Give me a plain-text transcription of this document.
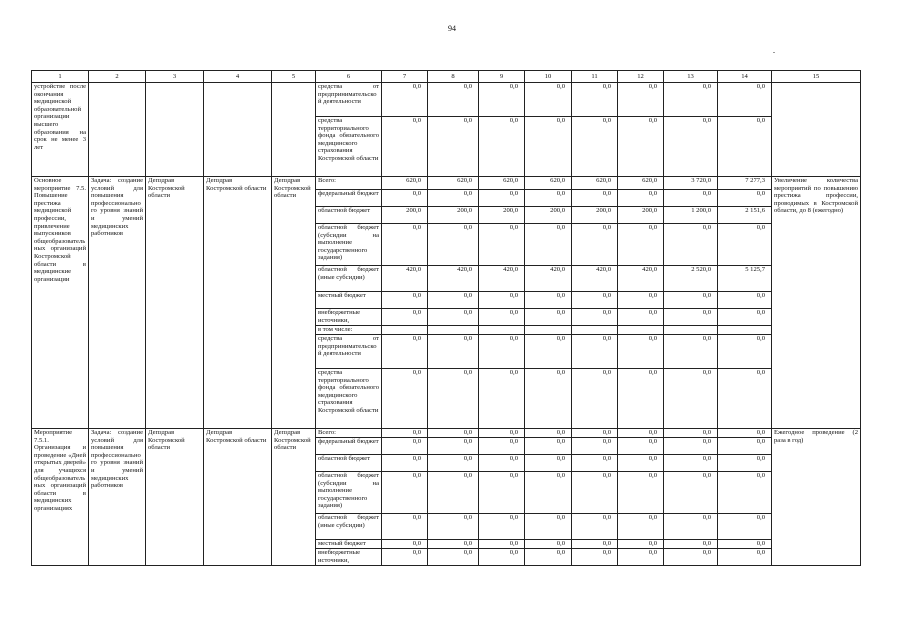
94
1	2	3	4	5	6	7	8	9	10	11	12	13	14	15
устройстве после окончания медицинской образовательной организации высшего образования на срок не менее 3 лет					средства от предпринимательской деятельности	0,0	0,0	0,0	0,0	0,0	0,0	0,0	0,0	
					средства территориального фонда обязательного медицинского страхования Костромской области	0,0	0,0	0,0	0,0	0,0	0,0	0,0	0,0	
Основное мероприятие 7.5. Повышение престижа медицинской профессии, привлечение выпускников общеобразовательных организаций Костромской области в медицинские организации	Задача: создание условий для повышения профессионального уровня знаний и умений медицинских работников	Депздрав Костромской области	Депздрав Костромской области	Депздрав Костромской области	Всего:	620,0	620,0	620,0	620,0	620,0	620,0	3 720,0	7 277,3	Увеличение количества мероприятий по повышению престижа профессии, проводимых в Костромской области, до 8 (ежегодно)
					федеральный бюджет	0,0	0,0	0,0	0,0	0,0	0,0	0,0	0,0	
					областной бюджет	200,0	200,0	200,0	200,0	200,0	200,0	1 200,0	2 151,6	
					областной бюджет (субсидии на выполнение государственного задания)	0,0	0,0	0,0	0,0	0,0	0,0	0,0	0,0	
					областной бюджет (иные субсидии)	420,0	420,0	420,0	420,0	420,0	420,0	2 520,0	5 125,7	
					местный бюджет	0,0	0,0	0,0	0,0	0,0	0,0	0,0	0,0	
					внебюджетные источники,	0,0	0,0	0,0	0,0	0,0	0,0	0,0	0,0	
					в том числе:									
					средства от предпринимательской деятельности	0,0	0,0	0,0	0,0	0,0	0,0	0,0	0,0	
					средства территориального фонда обязательного медицинского страхования Костромской области	0,0	0,0	0,0	0,0	0,0	0,0	0,0	0,0	
Мероприятие 7.5.1. Организация и проведение «Дней открытых дверей» для учащихся общеобразовательных организаций области в медицинских организациях	Задача: создание условий для повышения профессионального уровня знаний и умений медицинских работников	Депздрав Костромской области	Депздрав Костромской области	Депздрав Костромской области	Всего:	0,0	0,0	0,0	0,0	0,0	0,0	0,0	0,0	Ежегодное проведение (2 раза в год)
					федеральный бюджет	0,0	0,0	0,0	0,0	0,0	0,0	0,0	0,0	
					областной бюджет	0,0	0,0	0,0	0,0	0,0	0,0	0,0	0,0	
					областной бюджет (субсидии на выполнение государственного задания)	0,0	0,0	0,0	0,0	0,0	0,0	0,0	0,0	
					областной бюджет (иные субсидии)	0,0	0,0	0,0	0,0	0,0	0,0	0,0	0,0	
					местный бюджет	0,0	0,0	0,0	0,0	0,0	0,0	0,0	0,0	
					внебюджетные источники,	0,0	0,0	0,0	0,0	0,0	0,0	0,0	0,0	
